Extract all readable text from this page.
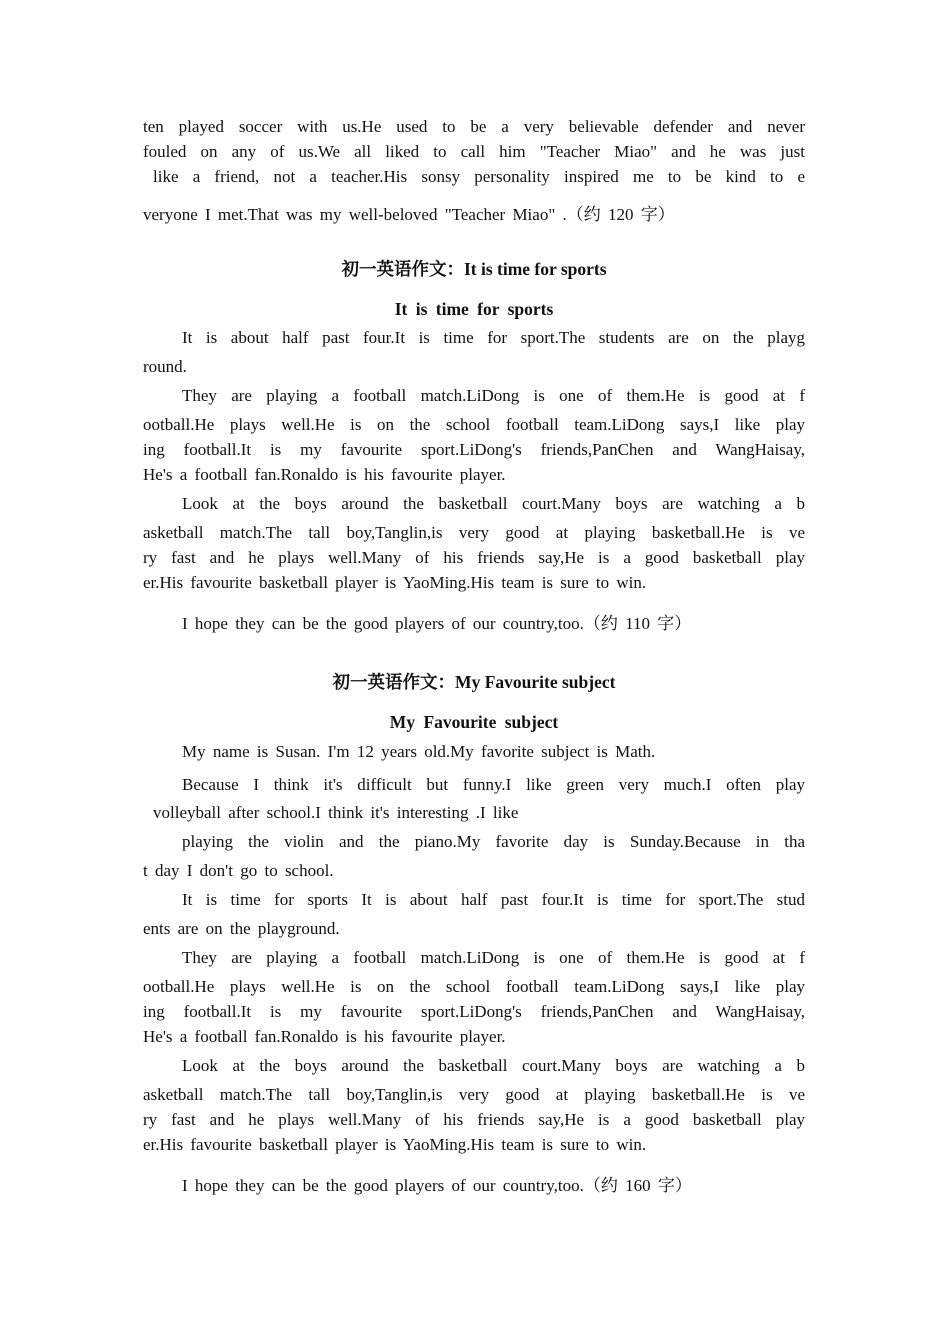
ten played soccer with us.He used to be a very believable defender and never
fouled on any of us.We all liked to call him "Teacher Miao" and he was just
like a friend, not a teacher.His sonsy personality inspired me to be kind to e
veryone I met.That was my well-beloved "Teacher Miao" .（约 120 字）
初一英语作文：It is time for sports
It is time for sports
It is about half past four.It is time for sport.The students are on the playg
round.
They are playing a football match.LiDong is one of them.He is good at f
ootball.He plays well.He is on the school football team.LiDong says,I like play
ing football.It is my favourite sport.LiDong's friends,PanChen and WangHaisay,
He's a football fan.Ronaldo is his favourite player.
Look at the boys around the basketball court.Many boys are watching a b
asketball match.The tall boy,Tanglin,is very good at playing basketball.He is ve
ry fast and he plays well.Many of his friends say,He is a good basketball play
er.His favourite basketball player is YaoMing.His team is sure to win.
I hope they can be the good players of our country,too.（约 110 字）
初一英语作文：My Favourite subject
My Favourite subject
My name is Susan. I'm 12 years old.My favorite subject is Math.
Because I think it's difficult but funny.I like green very much.I often play
volleyball after school.I think it's interesting .I like
playing the violin and the piano.My favorite day is Sunday.Because in tha
t day I don't go to school.
It is time for sports It is about half past four.It is time for sport.The stud
ents are on the playground.
They are playing a football match.LiDong is one of them.He is good at f
ootball.He plays well.He is on the school football team.LiDong says,I like play
ing football.It is my favourite sport.LiDong's friends,PanChen and WangHaisay,
He's a football fan.Ronaldo is his favourite player.
Look at the boys around the basketball court.Many boys are watching a b
asketball match.The tall boy,Tanglin,is very good at playing basketball.He is ve
ry fast and he plays well.Many of his friends say,He is a good basketball play
er.His favourite basketball player is YaoMing.His team is sure to win.
I hope they can be the good players of our country,too.（约 160 字）
